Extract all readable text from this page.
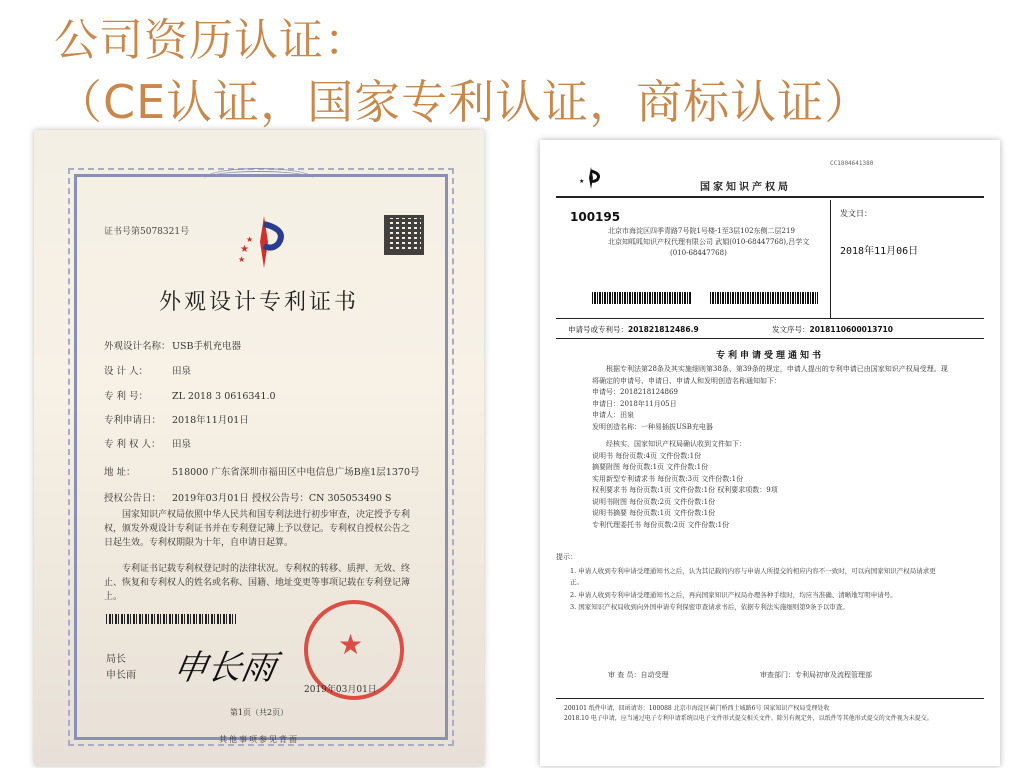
公司资历认证：
（CE认证，国家专利认证，商标认证）
证书号第5078321号
★
★
★
外观设计专利证书
外观设计名称：USB手机充电器
设 计 人：	田泉
专 利 号：	ZL 2018 3 0616341.0
专利申请日： 2018年11月01日
专 利 权 人： 田泉
地 址：	518000 广东省深圳市福田区中电信息广场B座1层1370号
授权公告日： 2019年03月01日 授权公告号：CN 305053490 S
国家知识产权局依照中华人民共和国专利法进行初步审查，决定授予专利权，颁发外观设计专利证书并在专利登记簿上予以登记。专利权自授权公告之日起生效。专利权期限为十年，自申请日起算。
专利证书记载专利权登记时的法律状况。专利权的转移、质押、无效、终止、恢复和专利权人的姓名或名称、国籍、地址变更等事项记载在专利登记簿上。
局长
申长雨 申长雨
★
2019年03月01日
第1页（共2页）
其他事项参见背面
CC1804641380
★
国家知识产权局
100195
北京市海淀区四季青路7号院1号楼-1至3层102东侧二层219
北京知呱呱知识产权代理有限公司 武娟(010-68447768),吕学文
(010-68447768)
发文日：
2018年11月06日
申请号或专利号：201821812486.9	发文序号：2018110600013710
专利申请受理通知书
根据专利法第28条及其实施细则第38条、第39条的规定，申请人提出的专利申请已由国家知识产权局受理。现将确定的申请号、申请日、申请人和发明创造名称通知如下：
申请号：2018218124869
申请日：2018年11月05日
申请人：田泉
发明创造名称：一种易插拔USB充电器
经核实，国家知识产权局确认收到文件如下：
说明书 每份页数:4页 文件份数:1份
摘要附图 每份页数:1页 文件份数:1份
实用新型专利请求书 每份页数:3页 文件份数:1份
权利要求书 每份页数:1页 文件份数:1份 权利要求项数：9项
说明书附图 每份页数:2页 文件份数:1份
说明书摘要 每份页数:1页 文件份数:1份
专利代理委托书 每份页数:2页 文件份数:1份
提示：
1. 申请人收到专利申请受理通知书之后，认为其记载的内容与申请人所提交的相应内容不一致时，可以向国家知识产权局请求更正。
2. 申请人收到专利申请受理通知书之后，再向国家知识产权局办理各种手续时，均应当准确、清晰地写明申请号。
3. 国家知识产权局收到向外国申请专利保密审查请求书后，依据专利法实施细则第9条予以审查。
审 查 员：自动受理	审查部门：专利局初审及流程管理部
200101 纸件申请，回函请寄：100088 北京市海淀区蓟门桥西土城路6号 国家知识产权局受理处收
2018.10 电子申请，应当通过电子专利申请系统以电子文件形式提交相关文件。除另有规定外，以纸件等其他形式提交的文件视为未提交。
